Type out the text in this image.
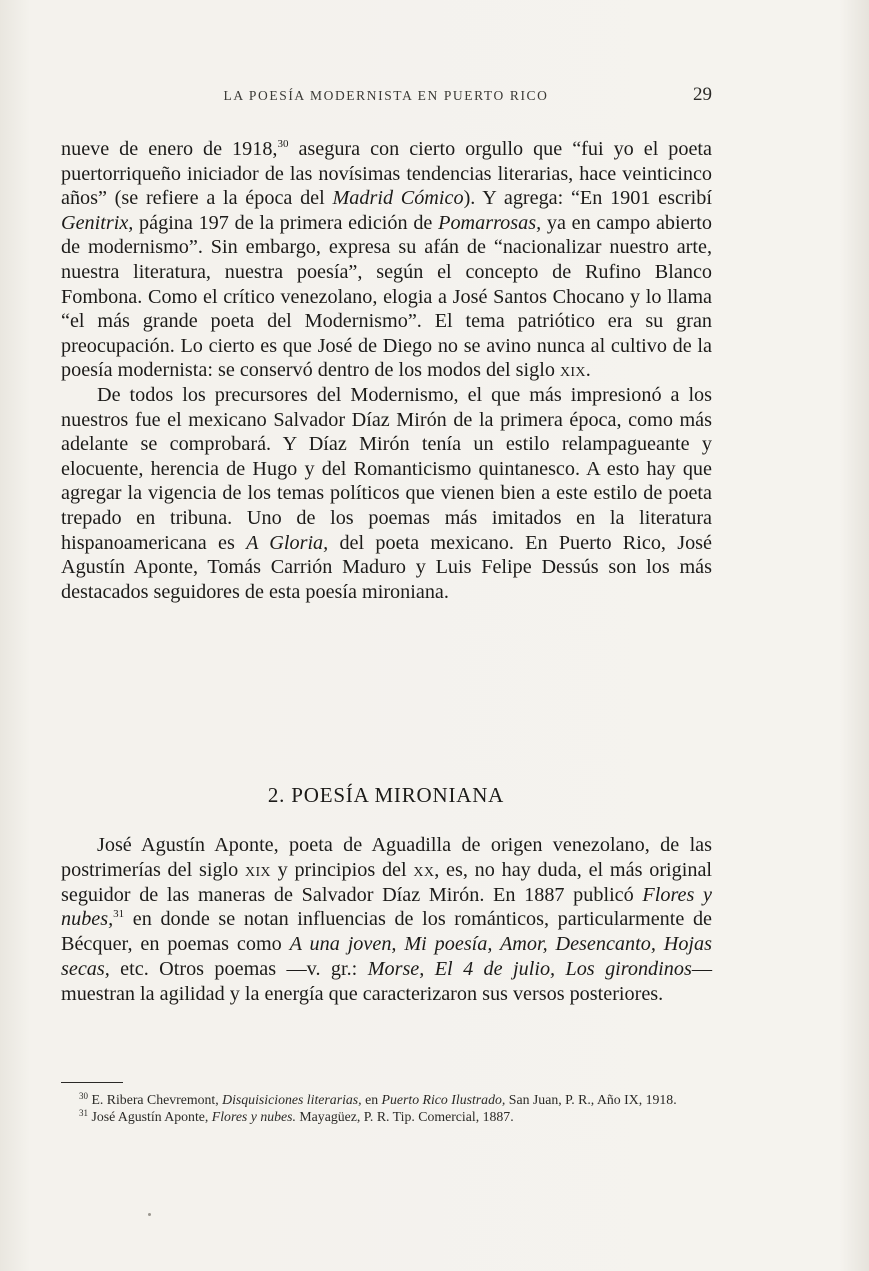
LA POESÍA MODERNISTA EN PUERTO RICO	29

nueve de enero de 1918,30 asegura con cierto orgullo que “fui yo el poeta puertorriqueño iniciador de las novísimas tendencias literarias, hace veinticinco años” (se refiere a la época del Madrid Cómico). Y agrega: “En 1901 escribí Genitrix, página 197 de la primera edición de Pomarrosas, ya en campo abierto de modernismo”. Sin embargo, expresa su afán de “nacionalizar nuestro arte, nuestra literatura, nuestra poesía”, según el concepto de Rufino Blanco Fombona. Como el crítico venezolano, elogia a José Santos Chocano y lo llama “el más grande poeta del Modernismo”. El tema patriótico era su gran preocupación. Lo cierto es que José de Diego no se avino nunca al cultivo de la poesía modernista: se conservó dentro de los modos del siglo xix.

De todos los precursores del Modernismo, el que más impresionó a los nuestros fue el mexicano Salvador Díaz Mirón de la primera época, como más adelante se comprobará. Y Díaz Mirón tenía un estilo relampagueante y elocuente, herencia de Hugo y del Romanticismo quintanesco. A esto hay que agregar la vigencia de los temas políticos que vienen bien a este estilo de poeta trepado en tribuna. Uno de los poemas más imitados en la literatura hispanoamericana es A Gloria, del poeta mexicano. En Puerto Rico, José Agustín Aponte, Tomás Carrión Maduro y Luis Felipe Dessús son los más destacados seguidores de esta poesía mironiana.

2. POESÍA MIRONIANA

José Agustín Aponte, poeta de Aguadilla de origen venezolano, de las postrimerías del siglo xix y principios del xx, es, no hay duda, el más original seguidor de las maneras de Salvador Díaz Mirón. En 1887 publicó Flores y nubes,$^{31}$ en donde se notan influencias de los románticos, particularmente de Bécquer, en poemas como A una joven, Mi poesía, Amor, Desencanto, Hojas secas, etc. Otros poemas —v. gr.: Morse, El 4 de julio, Los girondinos— muestran la agilidad y la energía que caracterizaron sus versos posteriores.

$^{30}$ E. Ribera Chevremont, Disquisiciones literarias, en Puerto Rico Ilustrado, San Juan, P. R., Año IX, 1918.

$^{31}$ José Agustín Aponte, Flores y nubes. Mayagüez, P. R. Tip. Comercial, 1887.
